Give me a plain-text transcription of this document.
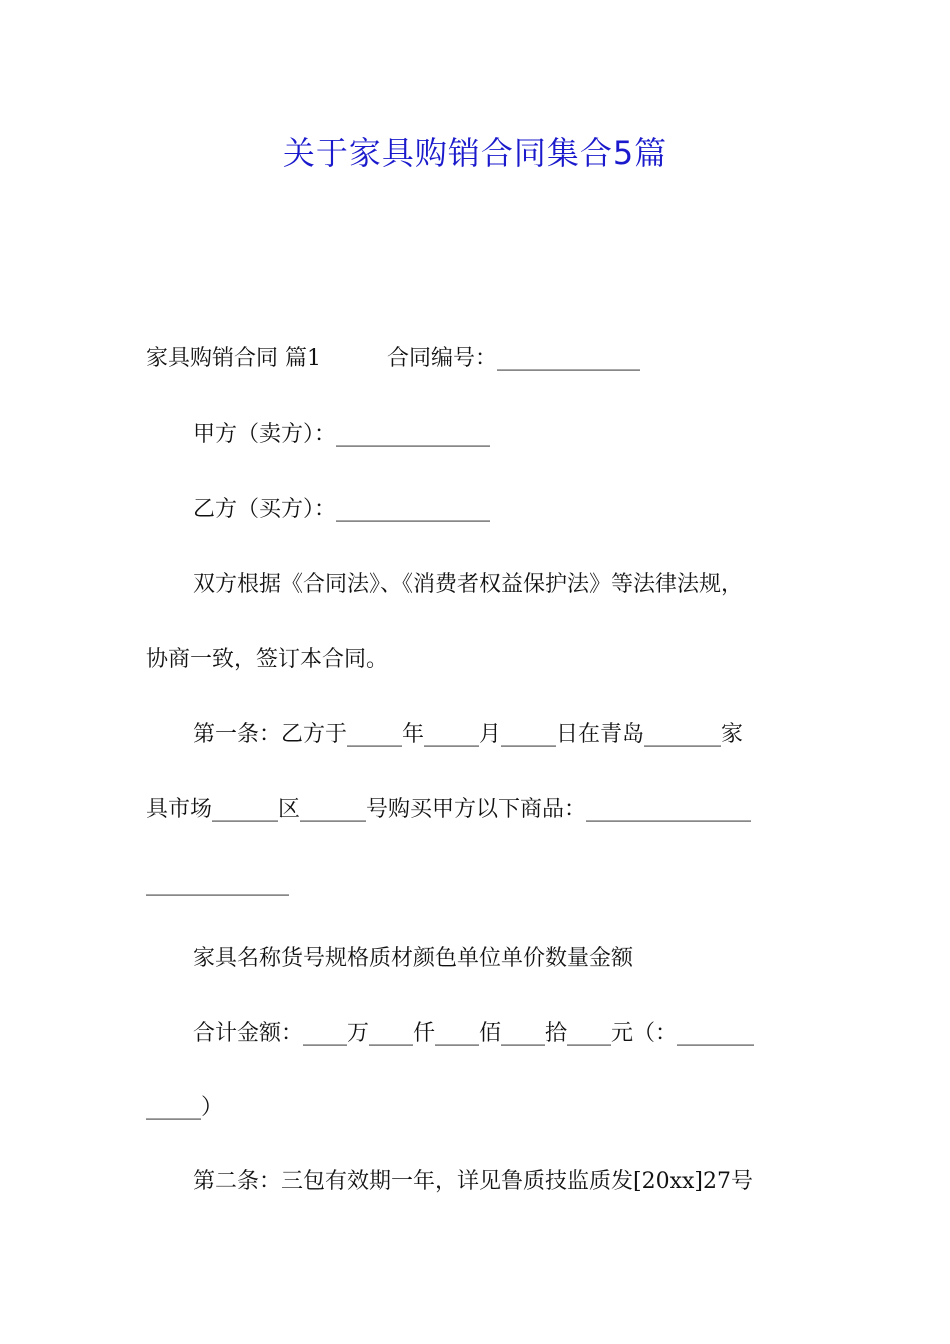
关于家具购销合同集合5篇

家具购销合同 篇1　　　合同编号：_____________

甲方（卖方）：______________

乙方（买方）：______________

双方根据《合同法》、《消费者权益保护法》等法律法规，

协商一致，签订本合同。

第一条：乙方于_____年_____月_____日在青岛_______家

具市场______区______号购买甲方以下商品：_______________

_____________

家具名称货号规格质材颜色单位单价数量金额

合计金额：____万____仟____佰____拾____元（：_______

_____）

第二条：三包有效期一年，详见鲁质技监质发[20xx]27号
